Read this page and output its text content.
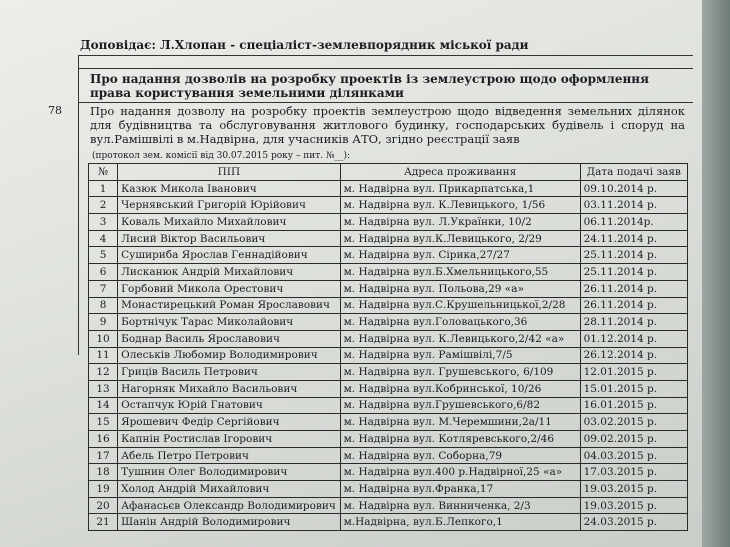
Доповідає: Л.Хлопан - спеціаліст-землевпорядник міської ради
Про надання дозволів на розробку проектів із землеустрою щодо оформлення права користування земельними ділянками
78 Про надання дозволу на розробку проектів землеустрою щодо відведення земельних ділянок для будівництва та обслуговування житлового будинку, господарських будівель і споруд на вул.Рамішвілі в м.Надвірна, для учасників АТО, згідно реєстрації заяв
(протокол зем. комісії від 30.07.2015 року – пит. №__):
№	ПІП	Адреса проживання	Дата подачі заяв
1	Казюк Микола Іванович	м. Надвірна вул. Прикарпатська,1	09.10.2014 р.
2	Чернявський Григорій Юрійович	м. Надвірна вул. К.Левицького, 1/56	03.11.2014 р.
3	Коваль Михайло Михайлович	м. Надвірна вул. Л.Українки, 10/2	06.11.2014р.
4	Лисий Віктор Васильович	м. Надвірна вул.К.Левицького, 2/29	24.11.2014 р.
5	Сушириба Ярослав Геннадійович	м. Надвірна вул. Сірика,27/27	25.11.2014 р.
6	Лисканюк Андрій Михайлович	м. Надвірна вул.Б.Хмельницького,55	25.11.2014 р.
7	Горбовий Микола Орестович	м. Надвірна вул. Польова,29 «а»	26.11.2014 р.
8	Монастирецький Роман Ярославович	м. Надвірна вул.С.Крушельницької,2/28	26.11.2014 р.
9	Бортнічук Тарас Миколайович	м. Надвірна вул.Головацького,36	28.11.2014 р.
10	Боднар Василь Ярославович	м. Надвірна вул. К.Левицького,2/42 «а»	01.12.2014 р.
11	Олеськів Любомир Володимирович	м. Надвірна вул. Рамішвілі,7/5	26.12.2014 р.
12	Гриців Василь Петрович	м. Надвірна вул. Грушевського, 6/109	12.01.2015 р.
13	Нагорняк Михайло Васильович	м. Надвірна вул.Кобринської, 10/26	15.01.2015 р.
14	Остапчук Юрій Гнатович	м. Надвірна вул.Грушевського,6/82	16.01.2015 р.
15	Ярошевич Федір Сергійович	м. Надвірна вул. М.Черемшини,2а/11	03.02.2015 р.
16	Капнін Ростислав Ігорович	м. Надвірна вул. Котляревського,2/46	09.02.2015 р.
17	Абель Петро Петрович	м. Надвірна вул. Соборна,79	04.03.2015 р.
18	Тушнин Олег Володимирович	м. Надвірна вул.400 р.Надвірної,25 «а»	17.03.2015 р.
19	Холод Андрій Михайлович	м. Надвірна вул.Франка,17	19.03.2015 р.
20	Афанасьєв Олександр Володимирович	м. Надвірна вул. Винниченка, 2/3	19.03.2015 р.
21	Шанін Андрій Володимирович	м.Надвірна, вул.Б.Лепкого,1	24.03.2015 р.
